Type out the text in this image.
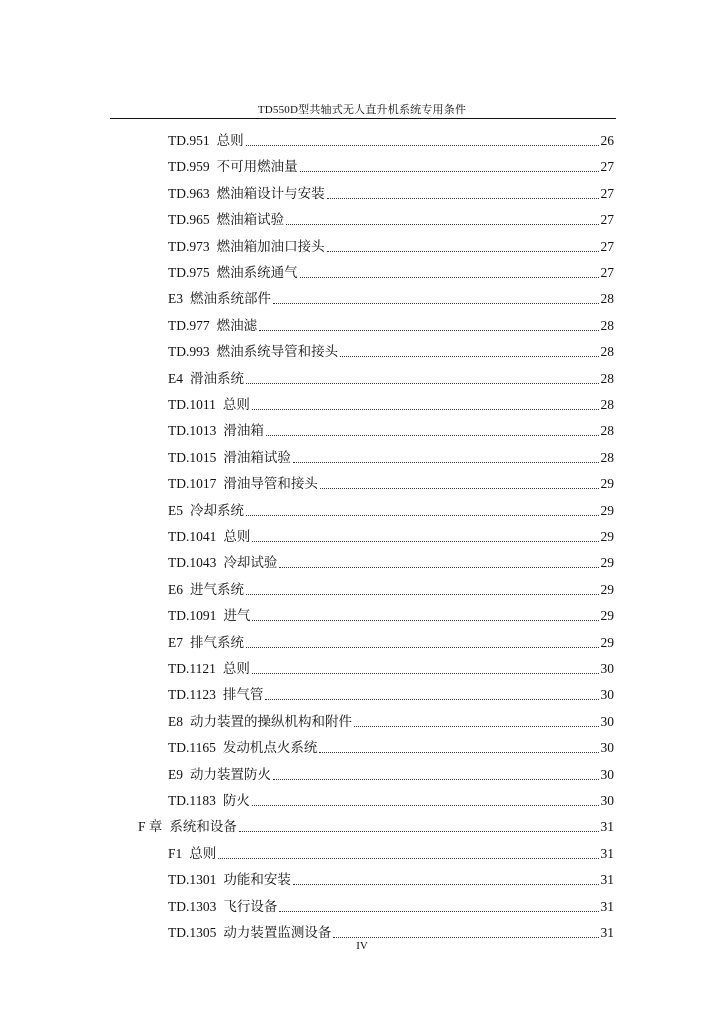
TD550D型共轴式无人直升机系统专用条件
TD.951 总则	26
TD.959 不可用燃油量	27
TD.963 燃油箱设计与安装	27
TD.965 燃油箱试验	27
TD.973 燃油箱加油口接头	27
TD.975 燃油系统通气	27
E3 燃油系统部件	28
TD.977 燃油滤	28
TD.993 燃油系统导管和接头	28
E4 滑油系统	28
TD.1011 总则	28
TD.1013 滑油箱	28
TD.1015 滑油箱试验	28
TD.1017 滑油导管和接头	29
E5 冷却系统	29
TD.1041 总则	29
TD.1043 冷却试验	29
E6 进气系统	29
TD.1091 进气	29
E7 排气系统	29
TD.1121 总则	30
TD.1123 排气管	30
E8 动力装置的操纵机构和附件	30
TD.1165 发动机点火系统	30
E9 动力装置防火	30
TD.1183 防火	30
F 章 系统和设备	31
F1 总则	31
TD.1301 功能和安装	31
TD.1303 飞行设备	31
TD.1305 动力装置监测设备	31
IV
